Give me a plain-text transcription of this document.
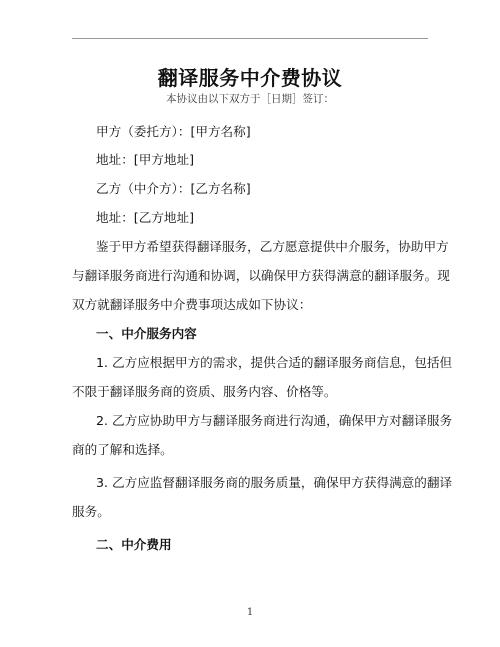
翻译服务中介费协议
本协议由以下双方于［日期］签订：

甲方（委托方）：[甲方名称]

地址：[甲方地址]

乙方（中介方）：[乙方名称]

地址：[乙方地址]

鉴于甲方希望获得翻译服务，乙方愿意提供中介服务，协助甲方

与翻译服务商进行沟通和协调，以确保甲方获得满意的翻译服务。现

双方就翻译服务中介费事项达成如下协议：

一、中介服务内容

1. 乙方应根据甲方的需求，提供合适的翻译服务商信息，包括但

不限于翻译服务商的资质、服务内容、价格等。

2. 乙方应协助甲方与翻译服务商进行沟通，确保甲方对翻译服务

商的了解和选择。

3. 乙方应监督翻译服务商的服务质量，确保甲方获得满意的翻译

服务。

二、中介费用

1
